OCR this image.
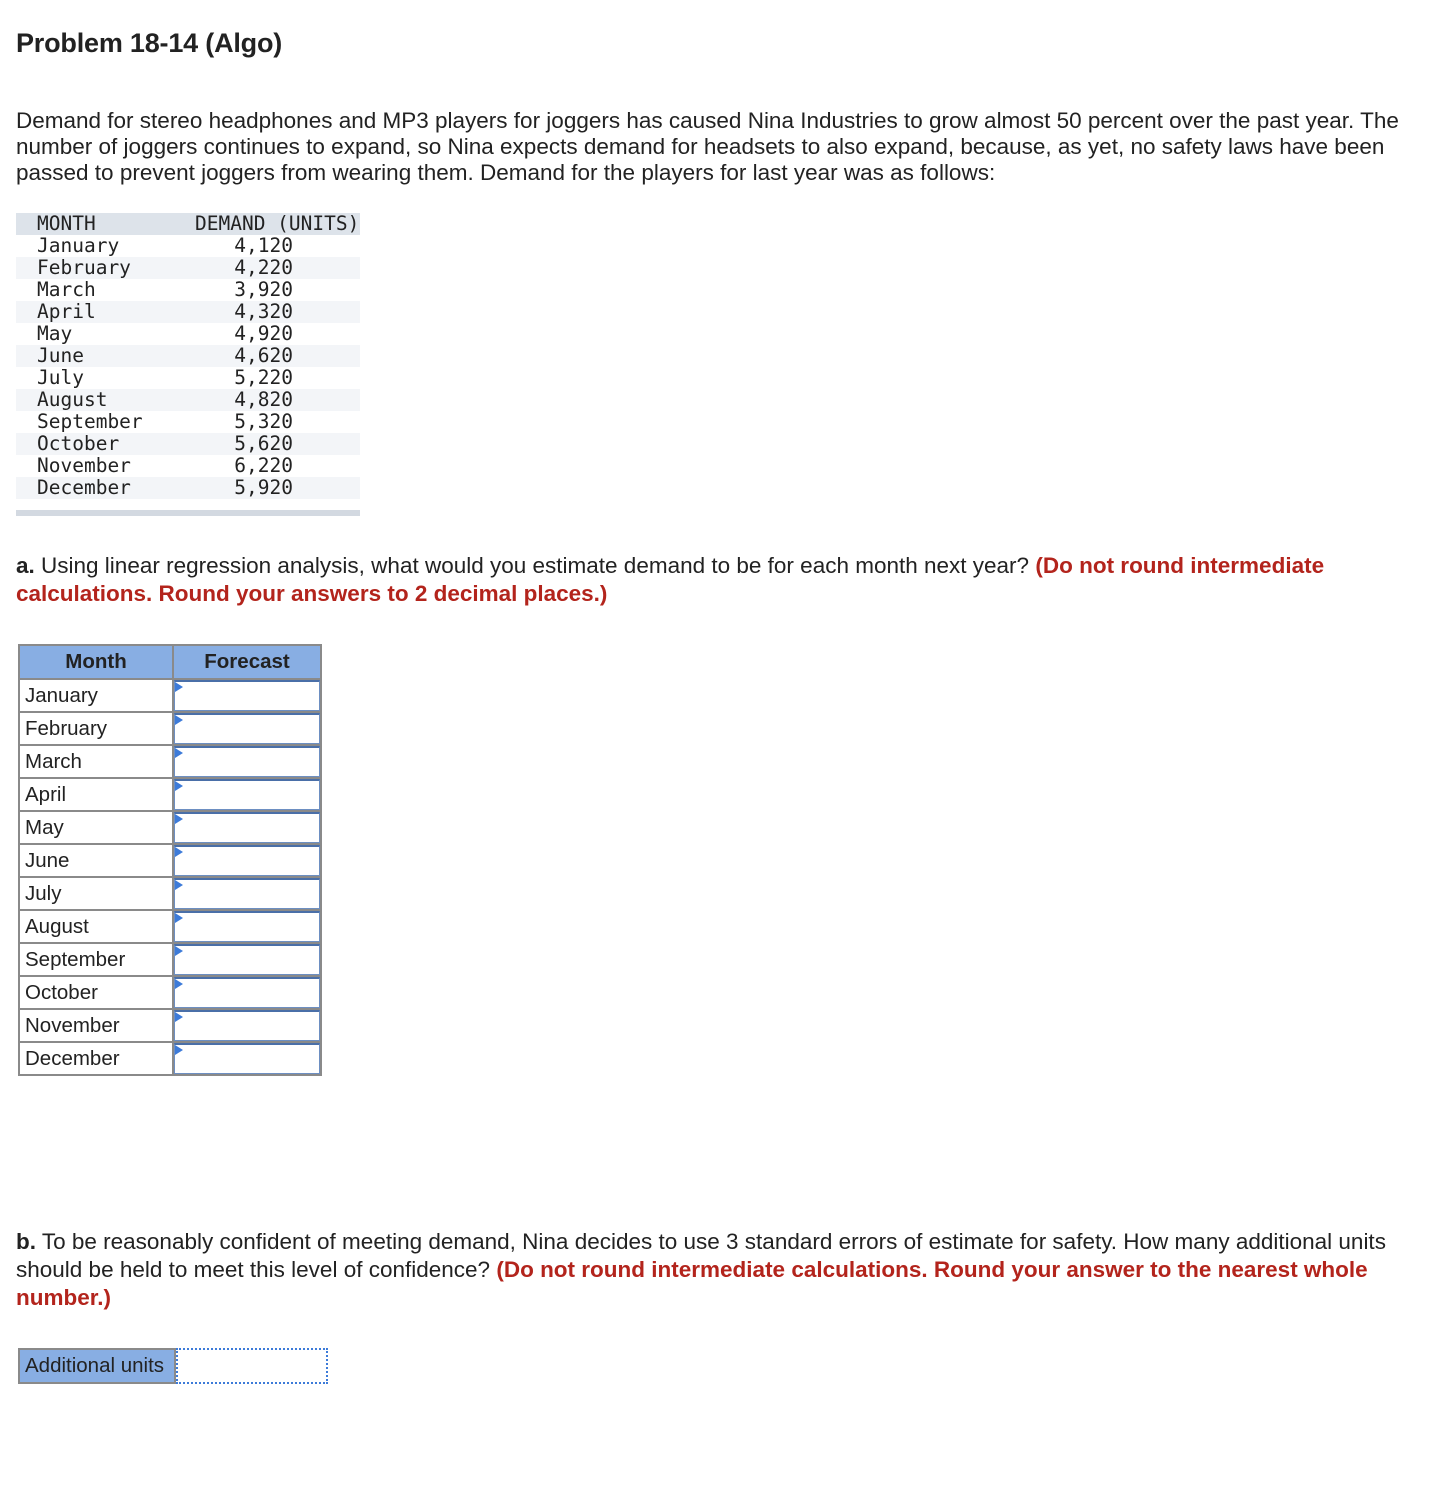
Problem 18-14 (Algo)

Demand for stereo headphones and MP3 players for joggers has caused Nina Industries to grow almost 50 percent over the past year. The number of joggers continues to expand, so Nina expects demand for headsets to also expand, because, as yet, no safety laws have been passed to prevent joggers from wearing them. Demand for the players for last year was as follows:

MONTH	DEMAND (UNITS)
January	4,120
February	4,220
March	3,920
April	4,320
May	4,920
June	4,620
July	5,220
August	4,820
September	5,320
October	5,620
November	6,220
December	5,920

a. Using linear regression analysis, what would you estimate demand to be for each month next year? (Do not round intermediate calculations. Round your answers to 2 decimal places.)

Month	Forecast
January	

February	

March	

April	

May	

June	

July	

August	

September	

October	

November	

December	

b. To be reasonably confident of meeting demand, Nina decides to use 3 standard errors of estimate for safety. How many additional units should be held to meet this level of confidence? (Do not round intermediate calculations. Round your answer to the nearest whole number.)

Additional units
